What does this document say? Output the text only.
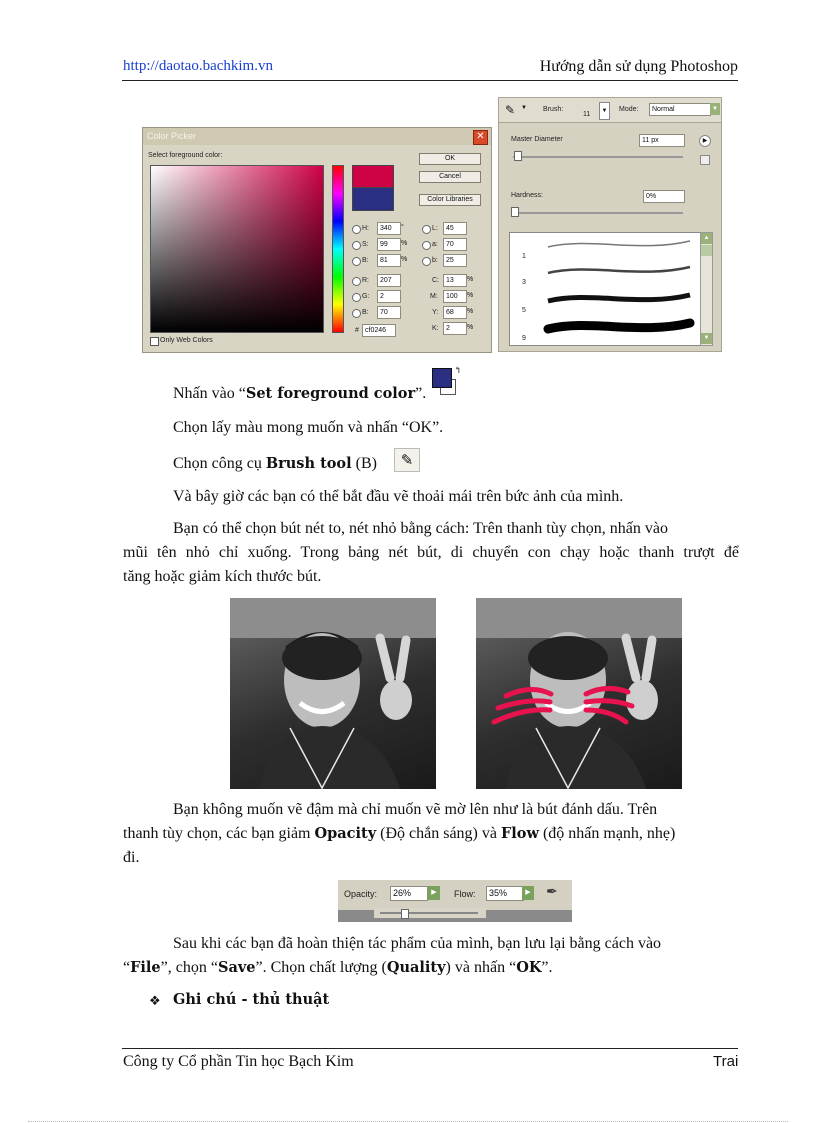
http://daotao.bachkim.vn	Hướng dẫn sử dụng Photoshop
Color Picker	✕
Select foreground color:	OK
Cancel
Color Libraries
H:	340	°
S:	99	%
B:	81	%
R:	207
G:	2
B:	70
# cf0246
L:	45
a:	70
b:	25
C:	13	%
M:	100	%
Y:	68	%
K:	2	%
Only Web Colors
✎ ▼ Brush:
11	▼	Mode:	Normal	▼
Master Diameter	11 px	▶
Hardness:	0%
1
3
5
9
▲
▼
Nhấn vào “Set foreground color”.
↰
Chọn lấy màu mong muốn và nhấn “OK”.
Chọn công cụ Brush tool (B)	✎
Và bây giờ các bạn có thể bắt đầu vẽ thoải mái trên bức ảnh của mình.
Bạn có thể chọn bút nét to, nét nhỏ bằng cách: Trên thanh tùy chọn, nhấn vào
mũi tên nhỏ chỉ xuống. Trong bảng nét bút, di chuyển con chạy hoặc thanh trượt để
tăng hoặc giảm kích thước bút.
Bạn không muốn vẽ đậm mà chỉ muốn vẽ mờ lên như là bút đánh dấu. Trên
thanh tùy chọn, các bạn giảm Opacity (Độ chắn sáng) và Flow (độ nhấn mạnh, nhẹ)
đi.
Opacity:	26%	▶	Flow:	35%	▶ ✒
Sau khi các bạn đã hoàn thiện tác phẩm của mình, bạn lưu lại bằng cách vào
“File”, chọn “Save”. Chọn chất lượng (Quality) và nhấn “OK”.
❖ Ghi chú - thủ thuật
Công ty Cổ phần Tin học Bạch Kim	Trai
